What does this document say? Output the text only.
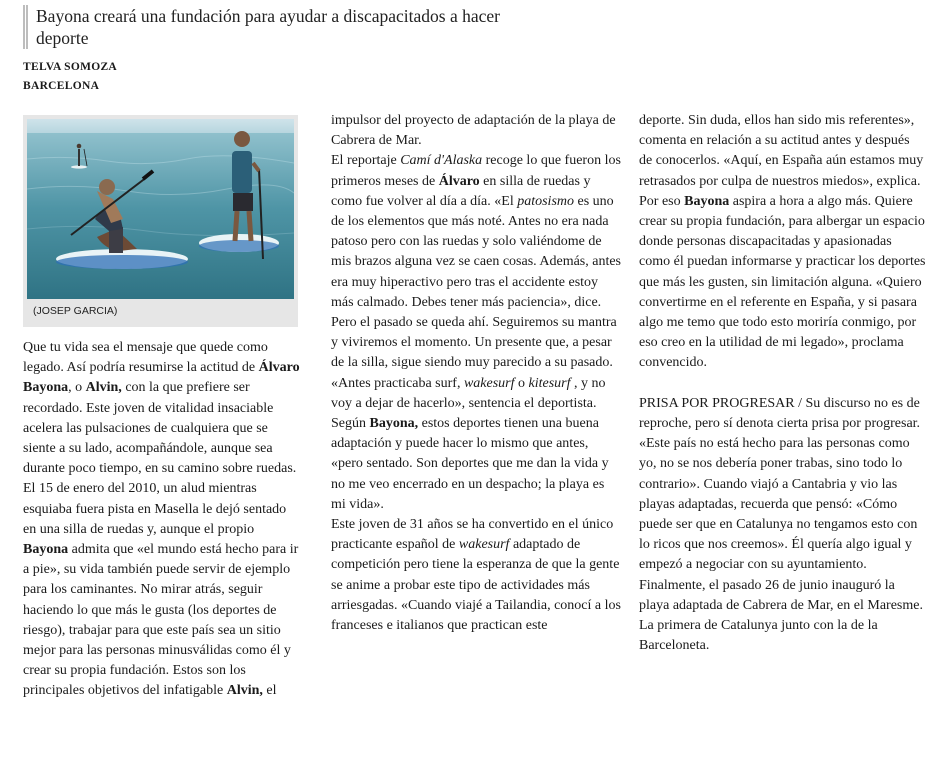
Bayona creará una fundación para ayudar a discapacitados a hacer deporte
TELVA SOMOZA
BARCELONA
(JOSEP GARCIA)

Que tu vida sea el mensaje que quede como legado. Así podría resumirse la actitud de Álvaro Bayona, o Alvin, con la que prefiere ser recordado. Este joven de vitalidad insaciable acelera las pulsaciones de cualquiera que se siente a su lado, acompañándole, aunque sea durante poco tiempo, en su camino sobre ruedas. El 15 de enero del 2010, un alud mientras esquiaba fuera pista en Masella le dejó sentado en una silla de ruedas y, aunque el propio Bayona admita que «el mundo está hecho para ir a pie», su vida también puede servir de ejemplo para los caminantes. No mirar atrás, seguir haciendo lo que más le gusta (los deportes de riesgo), trabajar para que este país sea un sitio mejor para las personas minusválidas como él y crear su propia fundación. Estos son los principales objetivos del infatigable Alvin, el

impulsor del proyecto de adaptación de la playa de Cabrera de Mar.

El reportaje Camí d'Alaska recoge lo que fueron los primeros meses de Álvaro en silla de ruedas y como fue volver al día a día. «El patosismo es uno de los elementos que más noté. Antes no era nada patoso pero con las ruedas y solo valiéndome de mis brazos alguna vez se caen cosas. Además, antes era muy hiperactivo pero tras el accidente estoy más calmado. Debes tener más paciencia», dice.

Pero el pasado se queda ahí. Seguiremos su mantra y viviremos el momento. Un presente que, a pesar de la silla, sigue siendo muy parecido a su pasado. «Antes practicaba surf, wakesurf o kitesurf , y no voy a dejar de hacerlo», sentencia el deportista. Según Bayona, estos deportes tienen una buena adaptación y puede hacer lo mismo que antes, «pero sentado. Son deportes que me dan la vida y no me veo encerrado en un despacho; la playa es mi vida».

Este joven de 31 años se ha convertido en el único practicante español de wakesurf adaptado de competición pero tiene la esperanza de que la gente se anime a probar este tipo de actividades más arriesgadas. «Cuando viajé a Tailandia, conocí a los franceses e italianos que practican este

deporte. Sin duda, ellos han sido mis referentes», comenta en relación a su actitud antes y después de conocerlos. «Aquí, en España aún estamos muy retrasados por culpa de nuestros miedos», explica.

Por eso Bayona aspira a hora a algo más. Quiere crear su propia fundación, para albergar un espacio donde personas discapacitadas y apasionadas como él puedan informarse y practicar los deportes que más les gusten, sin limitación alguna. «Quiero convertirme en el referente en España, y si pasara algo me temo que todo esto moriría conmigo, por eso creo en la utilidad de mi legado», proclama convencido.

PRISA POR PROGRESAR / Su discurso no es de reproche, pero sí denota cierta prisa por progresar. «Este país no está hecho para las personas como yo, no se nos debería poner trabas, sino todo lo contrario». Cuando viajó a Cantabria y vio las playas adaptadas, recuerda que pensó: «Cómo puede ser que en Catalunya no tengamos esto con lo ricos que nos creemos». Él quería algo igual y empezó a negociar con su ayuntamiento. Finalmente, el pasado 26 de junio inauguró la playa adaptada de Cabrera de Mar, en el Maresme. La primera de Catalunya junto con la de la Barceloneta.
